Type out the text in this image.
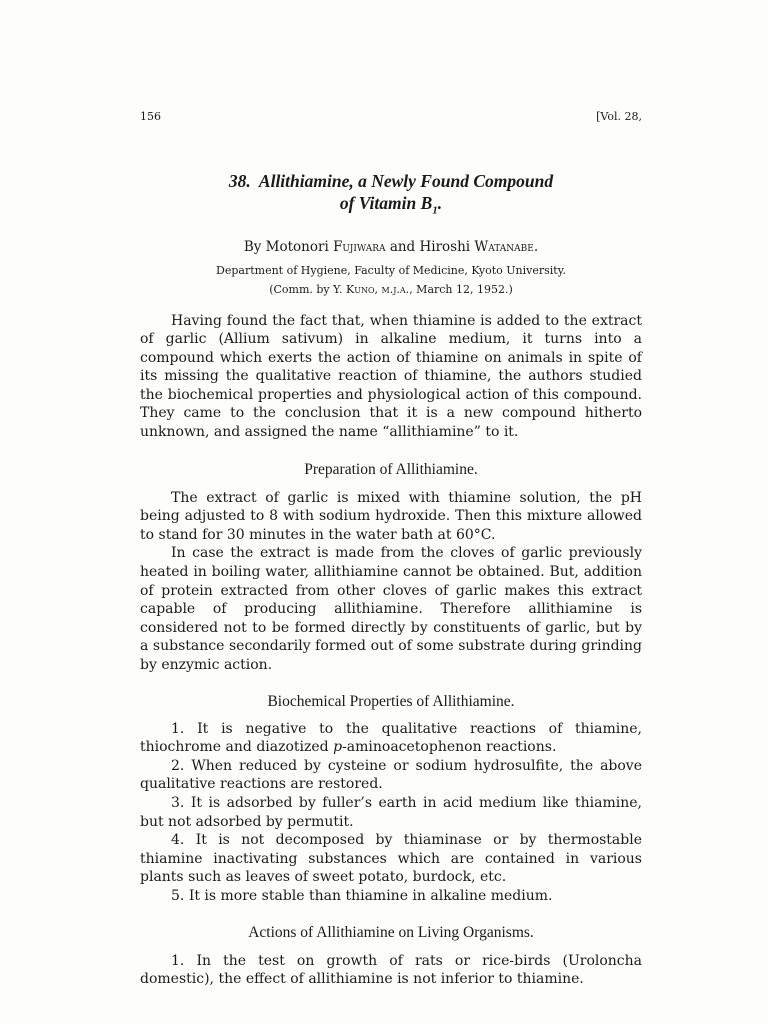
156	[Vol. 28,
38. Allithiamine, a Newly Found Compound
of Vitamin $B_1$.
By Motonori Fujiwara and Hiroshi Watanabe.
Department of Hygiene, Faculty of Medicine, Kyoto University.
(Comm. by Y. Kuno, m.j.a., March 12, 1952.)

Having found the fact that, when thiamine is added to the extract of garlic (Allium sativum) in alkaline medium, it turns into a compound which exerts the action of thiamine on animals in spite of its missing the qualitative reaction of thiamine, the authors studied the biochemical properties and physiological action of this compound. They came to the conclusion that it is a new compound hitherto unknown, and assigned the name “allithiamine” to it.

Preparation of Allithiamine.

The extract of garlic is mixed with thiamine solution, the pH being adjusted to 8 with sodium hydroxide. Then this mixture allowed to stand for 30 minutes in the water bath at 60°C.

In case the extract is made from the cloves of garlic previously heated in boiling water, allithiamine cannot be obtained. But, addition of protein extracted from other cloves of garlic makes this extract capable of producing allithiamine. Therefore allithiamine is considered not to be formed directly by constituents of garlic, but by a substance secondarily formed out of some substrate during grinding by enzymic action.

Biochemical Properties of Allithiamine.
1. It is negative to the qualitative reactions of thiamine, thiochrome and diazotized p-aminoacetophenon reactions.
2. When reduced by cysteine or sodium hydrosulfite, the above qualitative reactions are restored.
3. It is adsorbed by fuller’s earth in acid medium like thiamine, but not adsorbed by permutit.
4. It is not decomposed by thiaminase or by thermostable thiamine inactivating substances which are contained in various plants such as leaves of sweet potato, burdock, etc.
5. It is more stable than thiamine in alkaline medium.
Actions of Allithiamine on Living Organisms.
1. In the test on growth of rats or rice-birds (Uroloncha domestic), the effect of allithiamine is not inferior to thiamine.
